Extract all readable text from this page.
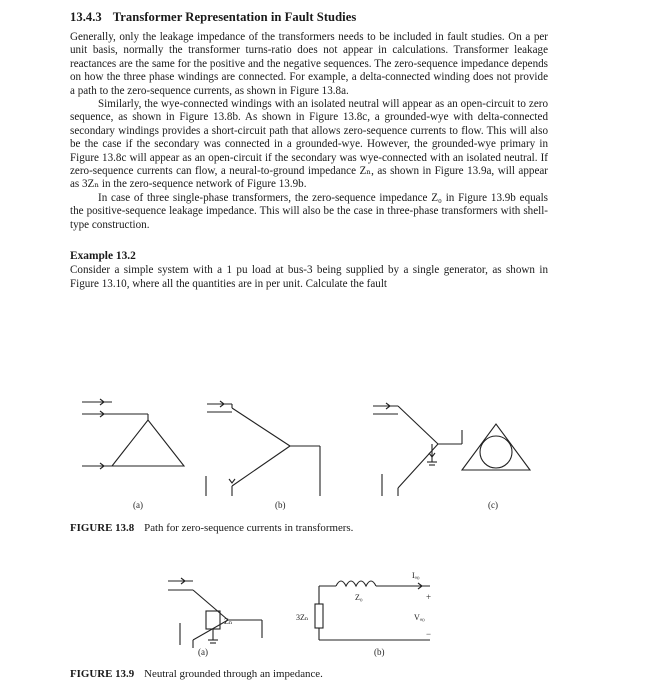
13.4.3 Transformer Representation in Fault Studies

Generally, only the leakage impedance of the transformers needs to be included in fault studies. On a per unit basis, normally the transformer turns-ratio does not appear in calculations. Transformer leakage reactances are the same for the positive and the negative sequences. The zero-sequence impedance depends on how the three phase windings are connected. For example, a delta-connected winding does not provide a path to the zero-sequence currents, as shown in Figure 13.8a.

Similarly, the wye-connected windings with an isolated neutral will appear as an open-circuit to zero sequence, as shown in Figure 13.8b. As shown in Figure 13.8c, a grounded-wye with delta-connected secondary windings provides a short-circuit path that allows zero-sequence currents to flow. This will also be the case if the secondary was connected in a grounded-wye. However, the grounded-wye primary in Figure 13.8c will appear as an open-circuit if the secondary was wye-connected with an isolated neutral. If zero-sequence currents can flow, a neural-to-ground impedance Zₙ, as shown in Figure 13.9a, will appear as 3Zₙ in the zero-sequence network of Figure 13.9b.

In case of three single-phase transformers, the zero-sequence impedance Z₀ in Figure 13.9b equals the positive-sequence leakage impedance. This will also be the case in three-phase transformers with shell-type construction.

Example 13.2

Consider a simple system with a 1 pu load at bus-3 being supplied by a single generator, as shown in Figure 13.10, where all the quantities are in per unit. Calculate the fault

(a)	(b)	(c)
Zₙ	3Zₙ
Z₀
Iₐ₀
+
Vₐ₀
−
(a)	(b)

FIGURE 13.8 Path for zero-sequence currents in transformers.

FIGURE 13.9 Neutral grounded through an impedance.
